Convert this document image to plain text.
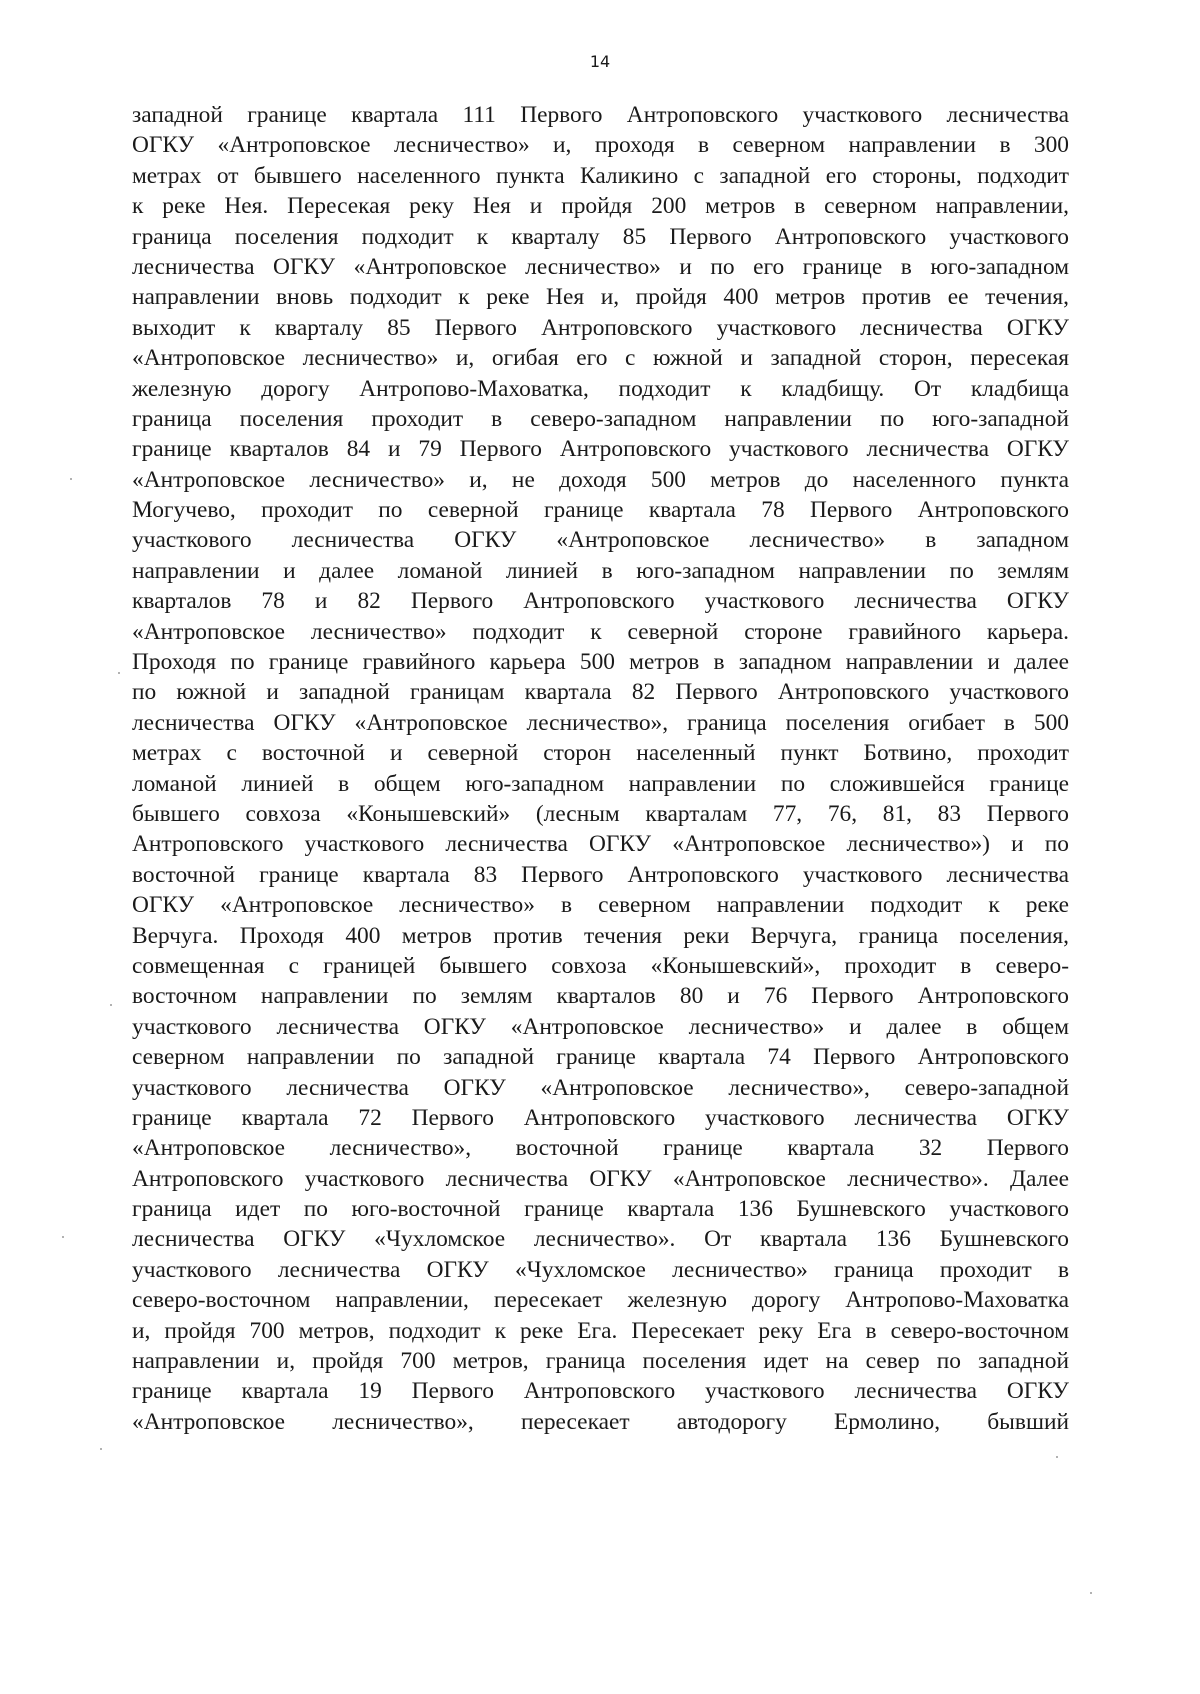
14
западной границе квартала 111 Первого Антроповского участкового лесничества
ОГКУ «Антроповское лесничество» и, проходя в северном направлении в 300
метрах от бывшего населенного пункта Каликино с западной его стороны, подходит
к реке Нея. Пересекая реку Нея и пройдя 200 метров в северном направлении,
граница поселения подходит к кварталу 85 Первого Антроповского участкового
лесничества ОГКУ «Антроповское лесничество» и по его границе в юго-западном
направлении вновь подходит к реке Нея и, пройдя 400 метров против ее течения,
выходит к кварталу 85 Первого Антроповского участкового лесничества ОГКУ
«Антроповское лесничество» и, огибая его с южной и западной сторон, пересекая
железную дорогу Антропово-Маховатка, подходит к кладбищу. От кладбища
граница поселения проходит в северо-западном направлении по юго-западной
границе кварталов 84 и 79 Первого Антроповского участкового лесничества ОГКУ
«Антроповское лесничество» и, не доходя 500 метров до населенного пункта
Могучево, проходит по северной границе квартала 78 Первого Антроповского
участкового лесничества ОГКУ «Антроповское лесничество» в западном
направлении и далее ломаной линией в юго-западном направлении по землям
кварталов 78 и 82 Первого Антроповского участкового лесничества ОГКУ
«Антроповское лесничество» подходит к северной стороне гравийного карьера.
Проходя по границе гравийного карьера 500 метров в западном направлении и далее
по южной и западной границам квартала 82 Первого Антроповского участкового
лесничества ОГКУ «Антроповское лесничество», граница поселения огибает в 500
метрах с восточной и северной сторон населенный пункт Ботвино, проходит
ломаной линией в общем юго-западном направлении по сложившейся границе
бывшего совхоза «Конышевский» (лесным кварталам 77, 76, 81, 83 Первого
Антроповского участкового лесничества ОГКУ «Антроповское лесничество») и по
восточной границе квартала 83 Первого Антроповского участкового лесничества
ОГКУ «Антроповское лесничество» в северном направлении подходит к реке
Верчуга. Проходя 400 метров против течения реки Верчуга, граница поселения,
совмещенная с границей бывшего совхоза «Конышевский», проходит в северо-
восточном направлении по землям кварталов 80 и 76 Первого Антроповского
участкового лесничества ОГКУ «Антроповское лесничество» и далее в общем
северном направлении по западной границе квартала 74 Первого Антроповского
участкового лесничества ОГКУ «Антроповское лесничество», северо-западной
границе квартала 72 Первого Антроповского участкового лесничества ОГКУ
«Антроповское лесничество», восточной границе квартала 32 Первого
Антроповского участкового лесничества ОГКУ «Антроповское лесничество». Далее
граница идет по юго-восточной границе квартала 136 Бушневского участкового
лесничества ОГКУ «Чухломское лесничество». От квартала 136 Бушневского
участкового лесничества ОГКУ «Чухломское лесничество» граница проходит в
северо-восточном направлении, пересекает железную дорогу Антропово-Маховатка
и, пройдя 700 метров, подходит к реке Ега. Пересекает реку Ега в северо-восточном
направлении и, пройдя 700 метров, граница поселения идет на север по западной
границе квартала 19 Первого Антроповского участкового лесничества ОГКУ
«Антроповское лесничество», пересекает автодорогу Ермолино, бывший
